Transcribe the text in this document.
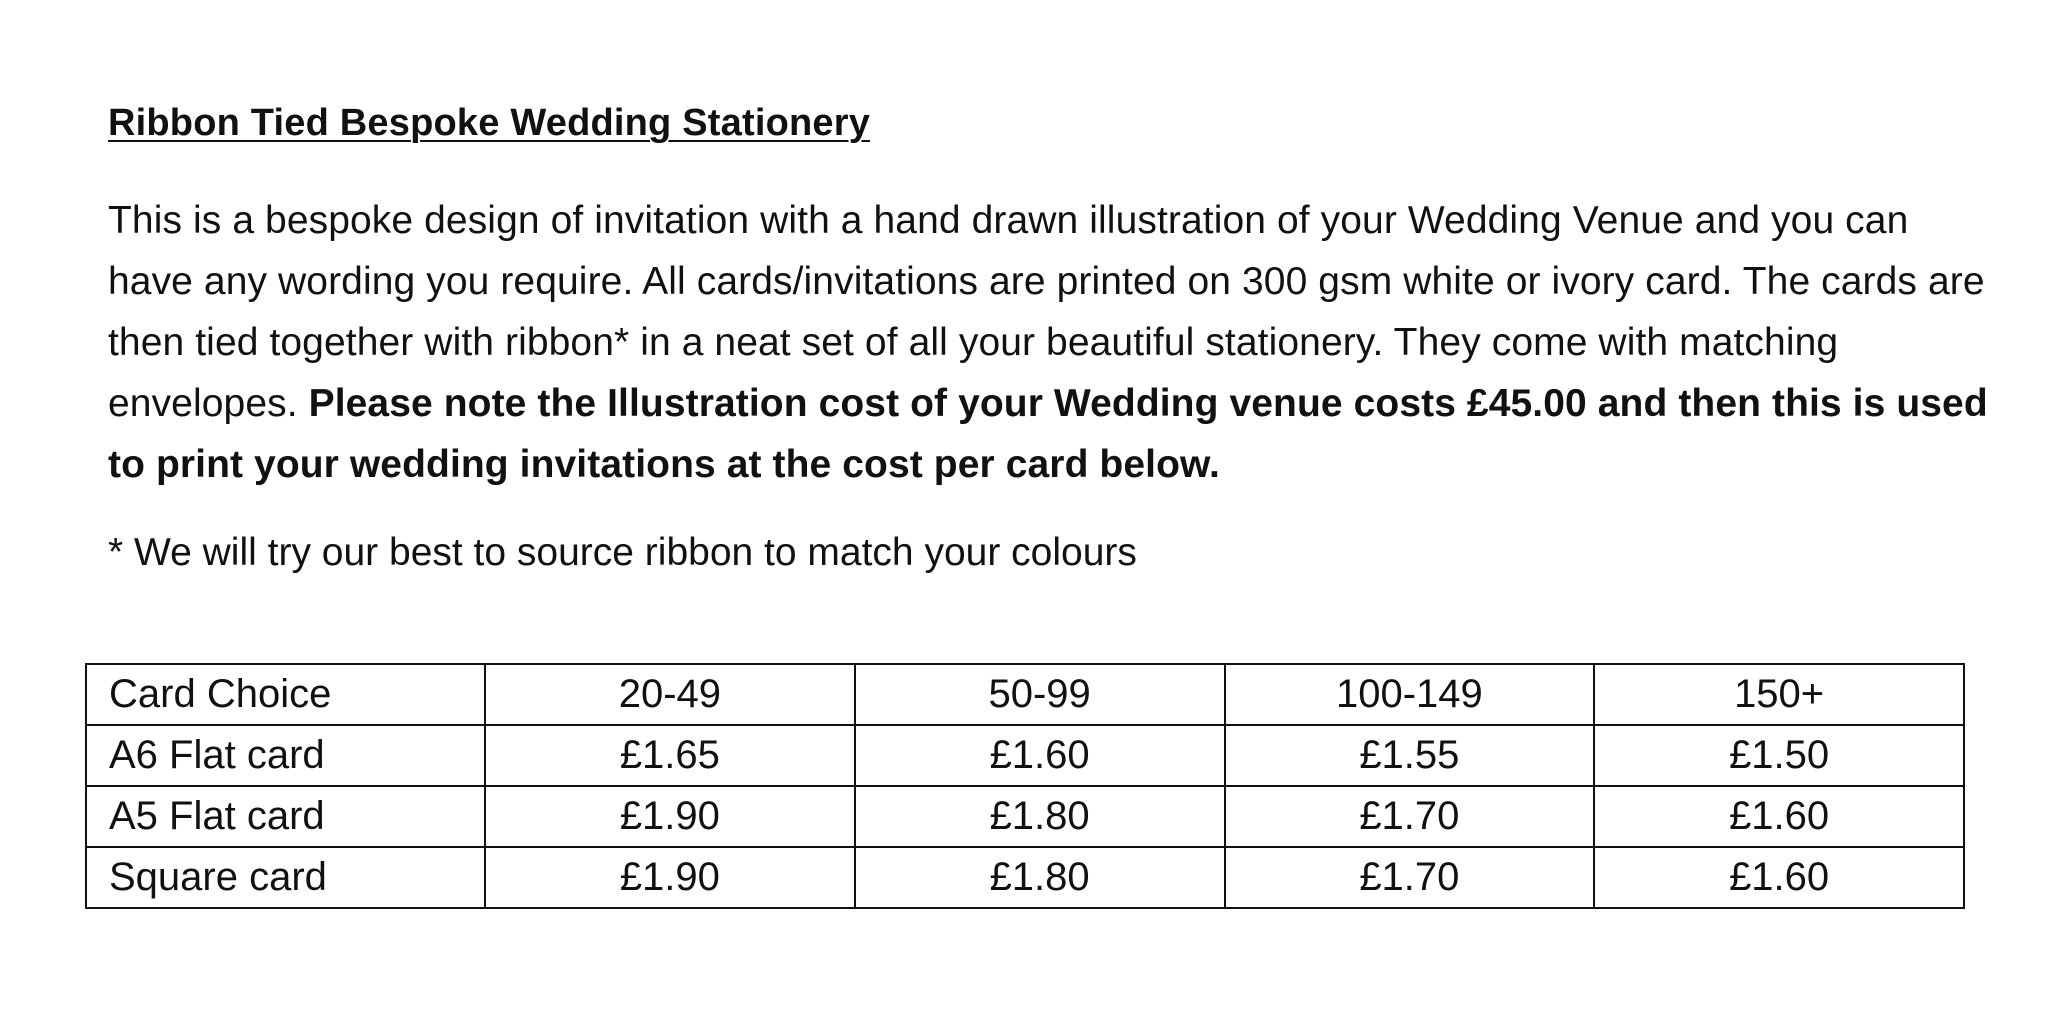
Ribbon Tied Bespoke Wedding Stationery
This is a bespoke design of invitation with a hand drawn illustration of your Wedding Venue and you can have any wording you require. All cards/invitations are printed on 300 gsm white or ivory card. The cards are then tied together with ribbon* in a neat set of all your beautiful stationery. They come with matching envelopes. Please note the Illustration cost of your Wedding venue costs £45.00 and then this is used to print your wedding invitations at the cost per card below.
* We will try our best to source ribbon to match your colours
Card Choice	20-49	50-99	100-149	150+
A6 Flat card	£1.65	£1.60	£1.55	£1.50
A5 Flat card	£1.90	£1.80	£1.70	£1.60
Square card	£1.90	£1.80	£1.70	£1.60
